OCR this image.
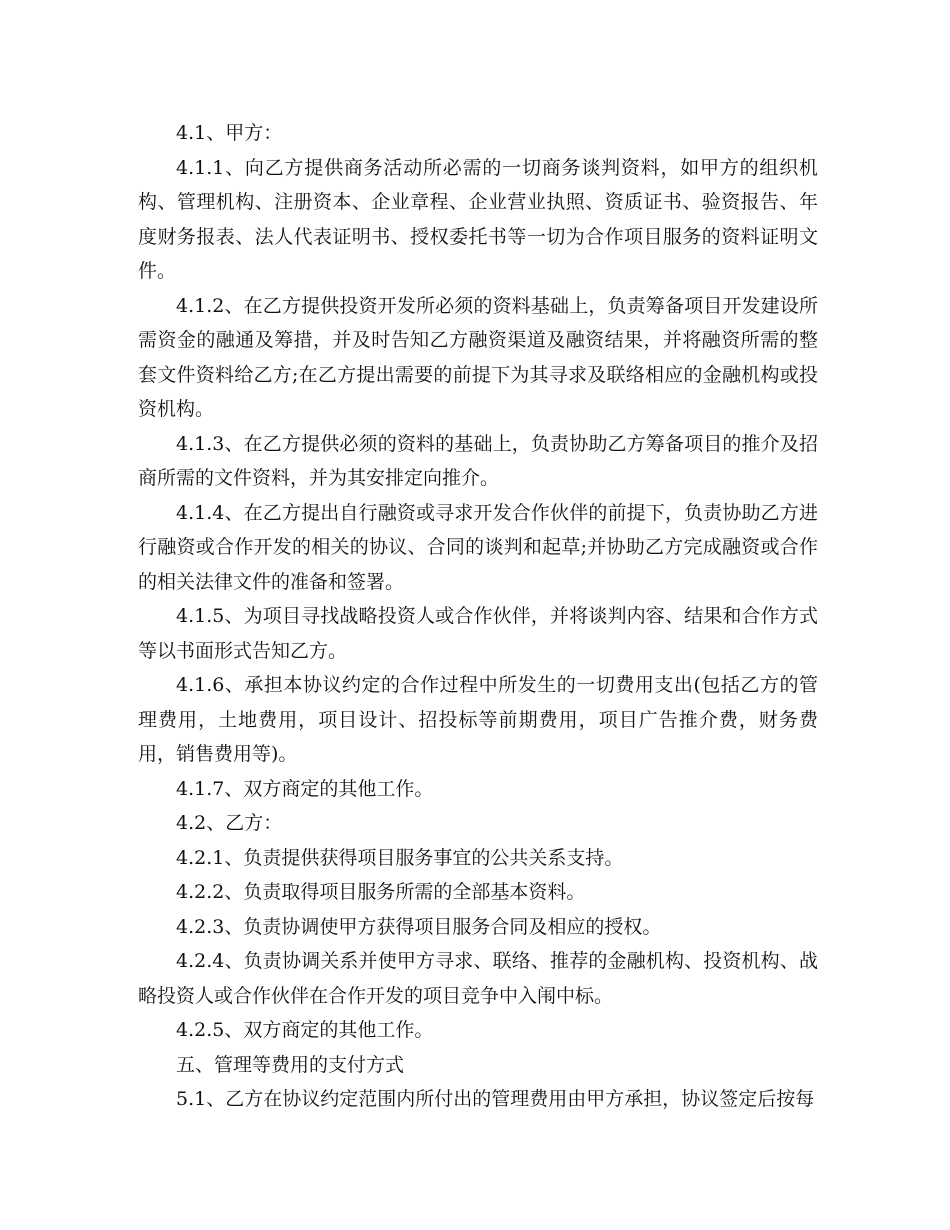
4.1、甲方：

4.1.1、向乙方提供商务活动所必需的一切商务谈判资料，如甲方的组织机构、管理机构、注册资本、企业章程、企业营业执照、资质证书、验资报告、年度财务报表、法人代表证明书、授权委托书等一切为合作项目服务的资料证明文件。

4.1.2、在乙方提供投资开发所必须的资料基础上，负责筹备项目开发建设所需资金的融通及筹措，并及时告知乙方融资渠道及融资结果，并将融资所需的整套文件资料给乙方;在乙方提出需要的前提下为其寻求及联络相应的金融机构或投资机构。

4.1.3、在乙方提供必须的资料的基础上，负责协助乙方筹备项目的推介及招商所需的文件资料，并为其安排定向推介。

4.1.4、在乙方提出自行融资或寻求开发合作伙伴的前提下，负责协助乙方进行融资或合作开发的相关的协议、合同的谈判和起草;并协助乙方完成融资或合作的相关法律文件的准备和签署。

4.1.5、为项目寻找战略投资人或合作伙伴，并将谈判内容、结果和合作方式等以书面形式告知乙方。

4.1.6、承担本协议约定的合作过程中所发生的一切费用支出(包括乙方的管理费用，土地费用，项目设计、招投标等前期费用，项目广告推介费，财务费用，销售费用等)。

4.1.7、双方商定的其他工作。

4.2、乙方：

4.2.1、负责提供获得项目服务事宜的公共关系支持。

4.2.2、负责取得项目服务所需的全部基本资料。

4.2.3、负责协调使甲方获得项目服务合同及相应的授权。

4.2.4、负责协调关系并使甲方寻求、联络、推荐的金融机构、投资机构、战略投资人或合作伙伴在合作开发的项目竞争中入闱中标。

4.2.5、双方商定的其他工作。

五、管理等费用的支付方式

5.1、乙方在协议约定范围内所付出的管理费用由甲方承担，协议签定后按每
